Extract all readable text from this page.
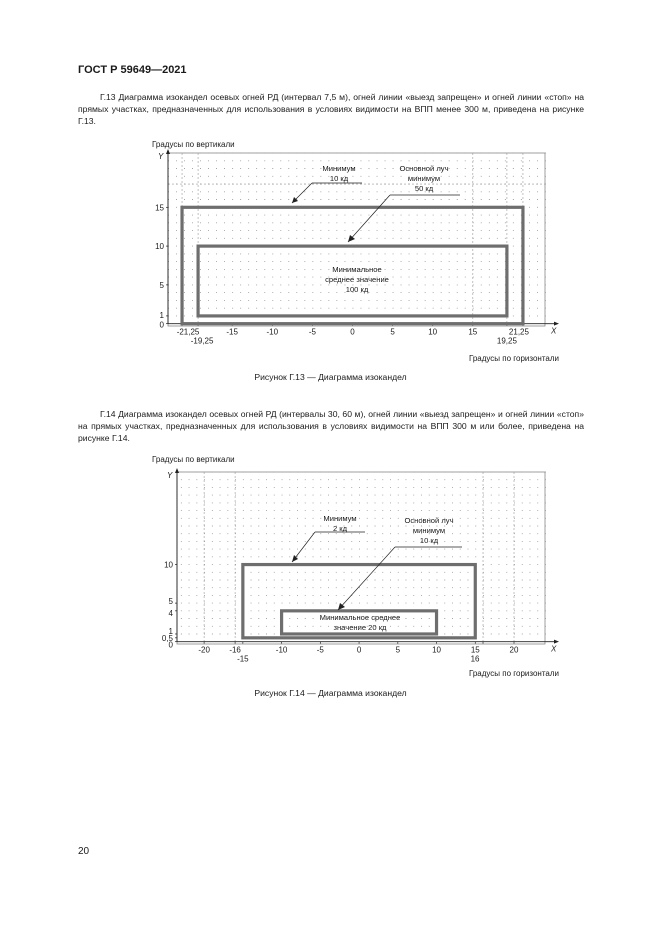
ГОСТ Р 59649—2021
Г.13 Диаграмма изокандел осевых огней РД (интервал 7,5 м), огней линии «выезд запрещен» и огней линии «стоп» на прямых участках, предназначенных для использования в условиях видимости на ВПП менее 300 м, приведена на рисунке Г.13.
Y
X
Градусы по вертикали
Градусы по горизонтали
0
1
5
10
15
-21,25
-19,25
-15	-10	-5	0	5	10	15
19,25
21,25
Минимум
10 кд
Основной луч
минимум
50 кд
Минимальное
среднее значение
100 кд
Рисунок Г.13 — Диаграмма изокандел
Г.14 Диаграмма изокандел осевых огней РД (интервалы 30, 60 м), огней линии «выезд запрещен» и огней линии «стоп» на прямых участках, предназначенных для использования в условиях видимости на ВПП 300 м или более, приведена на рисунке Г.14.
Y
X
Градусы по вертикали
Градусы по горизонтали
0
0,5
1
4
5
10
-20 -16
-15
-10	-5	0	5	10	15
16
20
Минимум
2 кд
Основной луч
минимум
10 кд
Минимальное среднее
значение 20 кд
Рисунок Г.14 — Диаграмма изокандел
20
